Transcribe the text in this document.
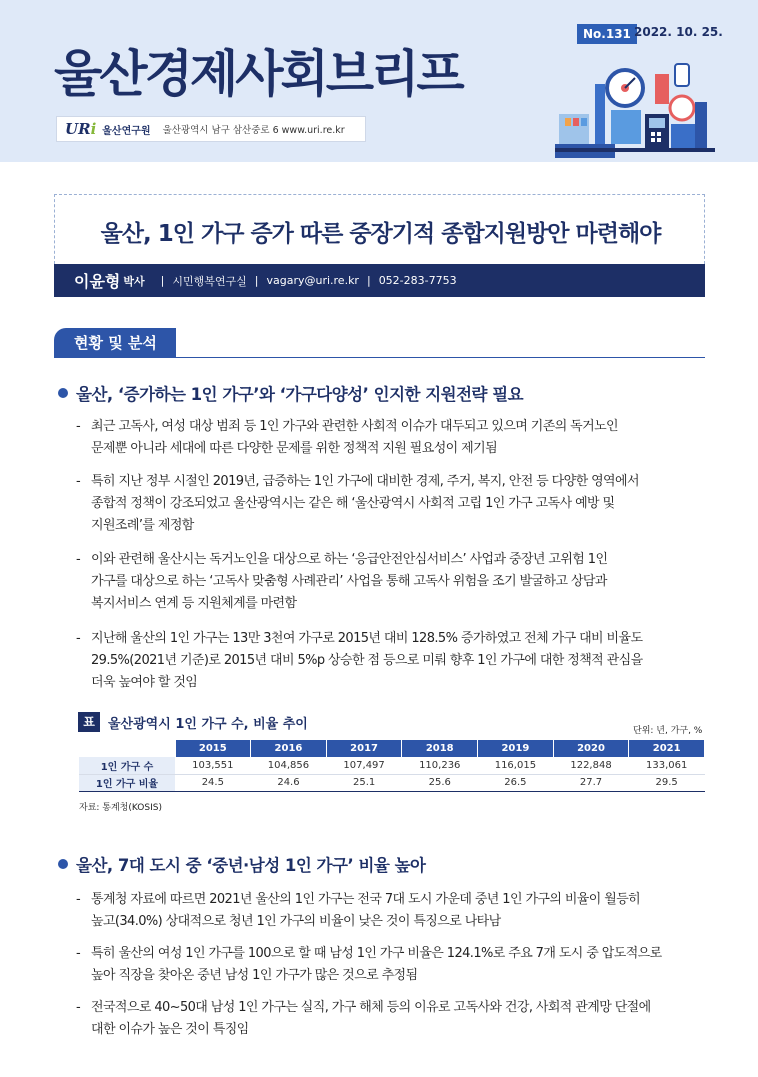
울산경제사회브리프
No.131 2022. 10. 25.
URi 울산연구원 울산광역시 남구 삼산중로 6 www.uri.re.kr
울산, 1인 가구 증가 따른 중장기적 종합지원방안 마련해야
이윤형 박사 | 시민행복연구실 | vagary@uri.re.kr | 052-283-7753
현황 및 분석
울산, ‘증가하는 1인 가구’와 ‘가구다양성’ 인지한 지원전략 필요
- 최근 고독사, 여성 대상 범죄 등 1인 가구와 관련한 사회적 이슈가 대두되고 있으며 기존의 독거노인
문제뿐 아니라 세대에 따른 다양한 문제를 위한 정책적 지원 필요성이 제기됨
- 특히 지난 정부 시절인 2019년, 급증하는 1인 가구에 대비한 경제, 주거, 복지, 안전 등 다양한 영역에서
종합적 정책이 강조되었고 울산광역시는 같은 해 ‘울산광역시 사회적 고립 1인 가구 고독사 예방 및
지원조례’를 제정함
- 이와 관련해 울산시는 독거노인을 대상으로 하는 ‘응급안전안심서비스’ 사업과 중장년 고위험 1인
가구를 대상으로 하는 ‘고독사 맞춤형 사례관리’ 사업을 통해 고독사 위험을 조기 발굴하고 상담과
복지서비스 연계 등 지원체계를 마련함
- 지난해 울산의 1인 가구는 13만 3천여 가구로 2015년 대비 128.5% 증가하였고 전체 가구 대비 비율도
29.5%(2021년 기준)로 2015년 대비 5%p 상승한 점 등으로 미뤄 향후 1인 가구에 대한 정책적 관심을
더욱 높여야 할 것임
표	울산광역시 1인 가구 수, 비율 추이	단위: 년, 가구, %
	2015	2016	2017	2018	2019	2020	2021
1인 가구 수	103,551	104,856	107,497	110,236	116,015	122,848	133,061
1인 가구 비율	24.5	24.6	25.1	25.6	26.5	27.7	29.5
자료: 통계청(KOSIS)
울산, 7대 도시 중 ‘중년·남성 1인 가구’ 비율 높아
- 통계청 자료에 따르면 2021년 울산의 1인 가구는 전국 7대 도시 가운데 중년 1인 가구의 비율이 월등히
높고(34.0%) 상대적으로 청년 1인 가구의 비율이 낮은 것이 특징으로 나타남
- 특히 울산의 여성 1인 가구를 100으로 할 때 남성 1인 가구 비율은 124.1%로 주요 7개 도시 중 압도적으로
높아 직장을 찾아온 중년 남성 1인 가구가 많은 것으로 추정됨
- 전국적으로 40~50대 남성 1인 가구는 실직, 가구 해체 등의 이유로 고독사와 건강, 사회적 관계망 단절에
대한 이슈가 높은 것이 특징임
